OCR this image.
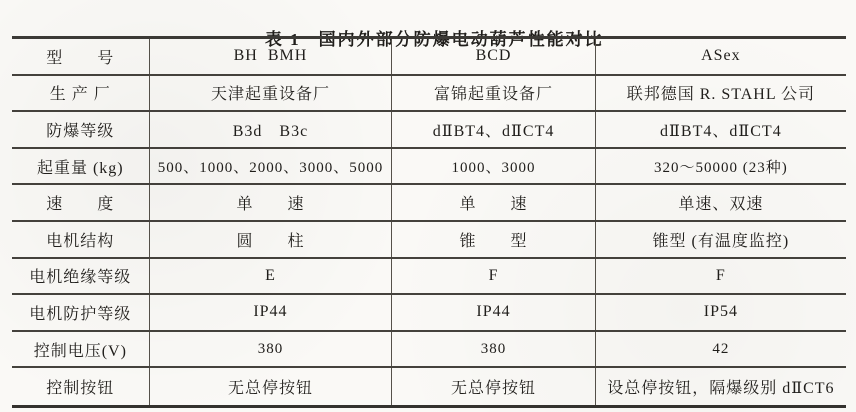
表 1 国内外部分防爆电动葫芦性能对比

型　　号	BH  BMH	BCD	ASex
生 产 厂	天津起重设备厂	富锦起重设备厂	联邦德国 R. STAHL 公司
防爆等级	B3d　B3c	dⅡBT4、dⅡCT4	dⅡBT4、dⅡCT4
起重量 (kg)	500、1000、2000、3000、5000	1000、3000	320～50000 (23种)
速　　度	单　　速	单　　速	单速、双速
电机结构	圆　　柱	锥　　型	锥型 (有温度监控)
电机绝缘等级	E	F	F
电机防护等级	IP44	IP44	IP54
控制电压(V)	380	380	42
控制按钮	无总停按钮	无总停按钮	设总停按钮，隔爆级别 dⅡCT6
